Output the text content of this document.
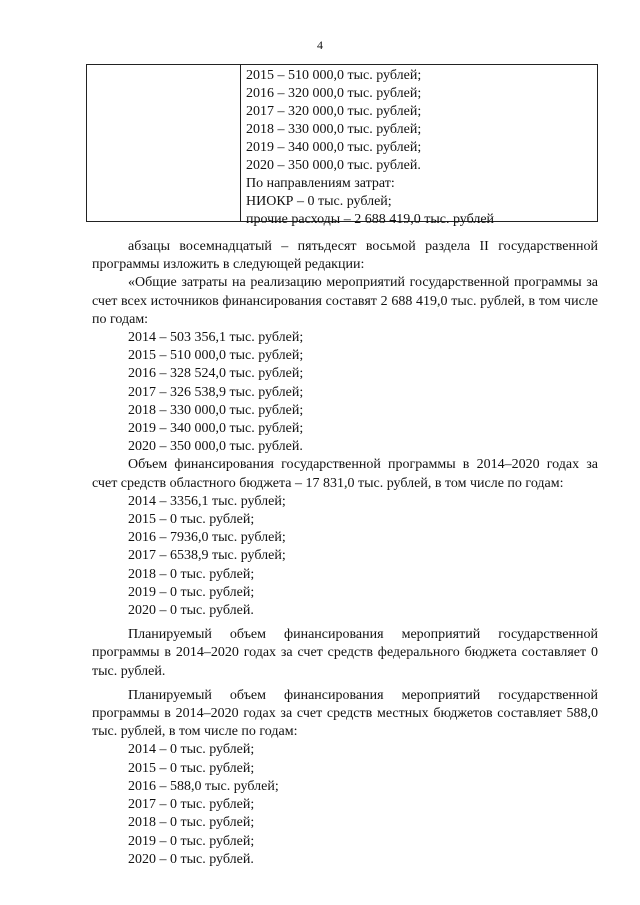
4
2015 – 510 000,0 тыс. рублей;
2016 – 320 000,0 тыс. рублей;
2017 – 320 000,0 тыс. рублей;
2018 – 330 000,0 тыс. рублей;
2019 – 340 000,0 тыс. рублей;
2020 – 350 000,0 тыс. рублей.
По направлениям затрат:
НИОКР – 0 тыс. рублей;
прочие расходы – 2 688 419,0 тыс. рублей

абзацы восемнадцатый – пятьдесят восьмой раздела II государственной программы изложить в следующей редакции:

«Общие затраты на реализацию мероприятий государственной программы за счет всех источников финансирования составят 2 688 419,0 тыс. рублей, в том числе по годам:

2014 – 503 356,1 тыс. рублей;
2015 – 510 000,0 тыс. рублей;
2016 – 328 524,0 тыс. рублей;
2017 – 326 538,9 тыс. рублей;
2018 – 330 000,0 тыс. рублей;
2019 – 340 000,0 тыс. рублей;
2020 – 350 000,0 тыс. рублей.

Объем финансирования государственной программы в 2014–2020 годах за счет средств областного бюджета – 17 831,0 тыс. рублей, в том числе по годам:

2014 – 3356,1 тыс. рублей;
2015 – 0 тыс. рублей;
2016 – 7936,0 тыс. рублей;
2017 – 6538,9 тыс. рублей;
2018 – 0 тыс. рублей;
2019 – 0 тыс. рублей;
2020 – 0 тыс. рублей.

Планируемый объем финансирования мероприятий государственной программы в 2014–2020 годах за счет средств федерального бюджета составляет 0 тыс. рублей.

Планируемый объем финансирования мероприятий государственной программы в 2014–2020 годах за счет средств местных бюджетов составляет 588,0 тыс. рублей, в том числе по годам:

2014 – 0 тыс. рублей;
2015 – 0 тыс. рублей;
2016 – 588,0 тыс. рублей;
2017 – 0 тыс. рублей;
2018 – 0 тыс. рублей;
2019 – 0 тыс. рублей;
2020 – 0 тыс. рублей.
